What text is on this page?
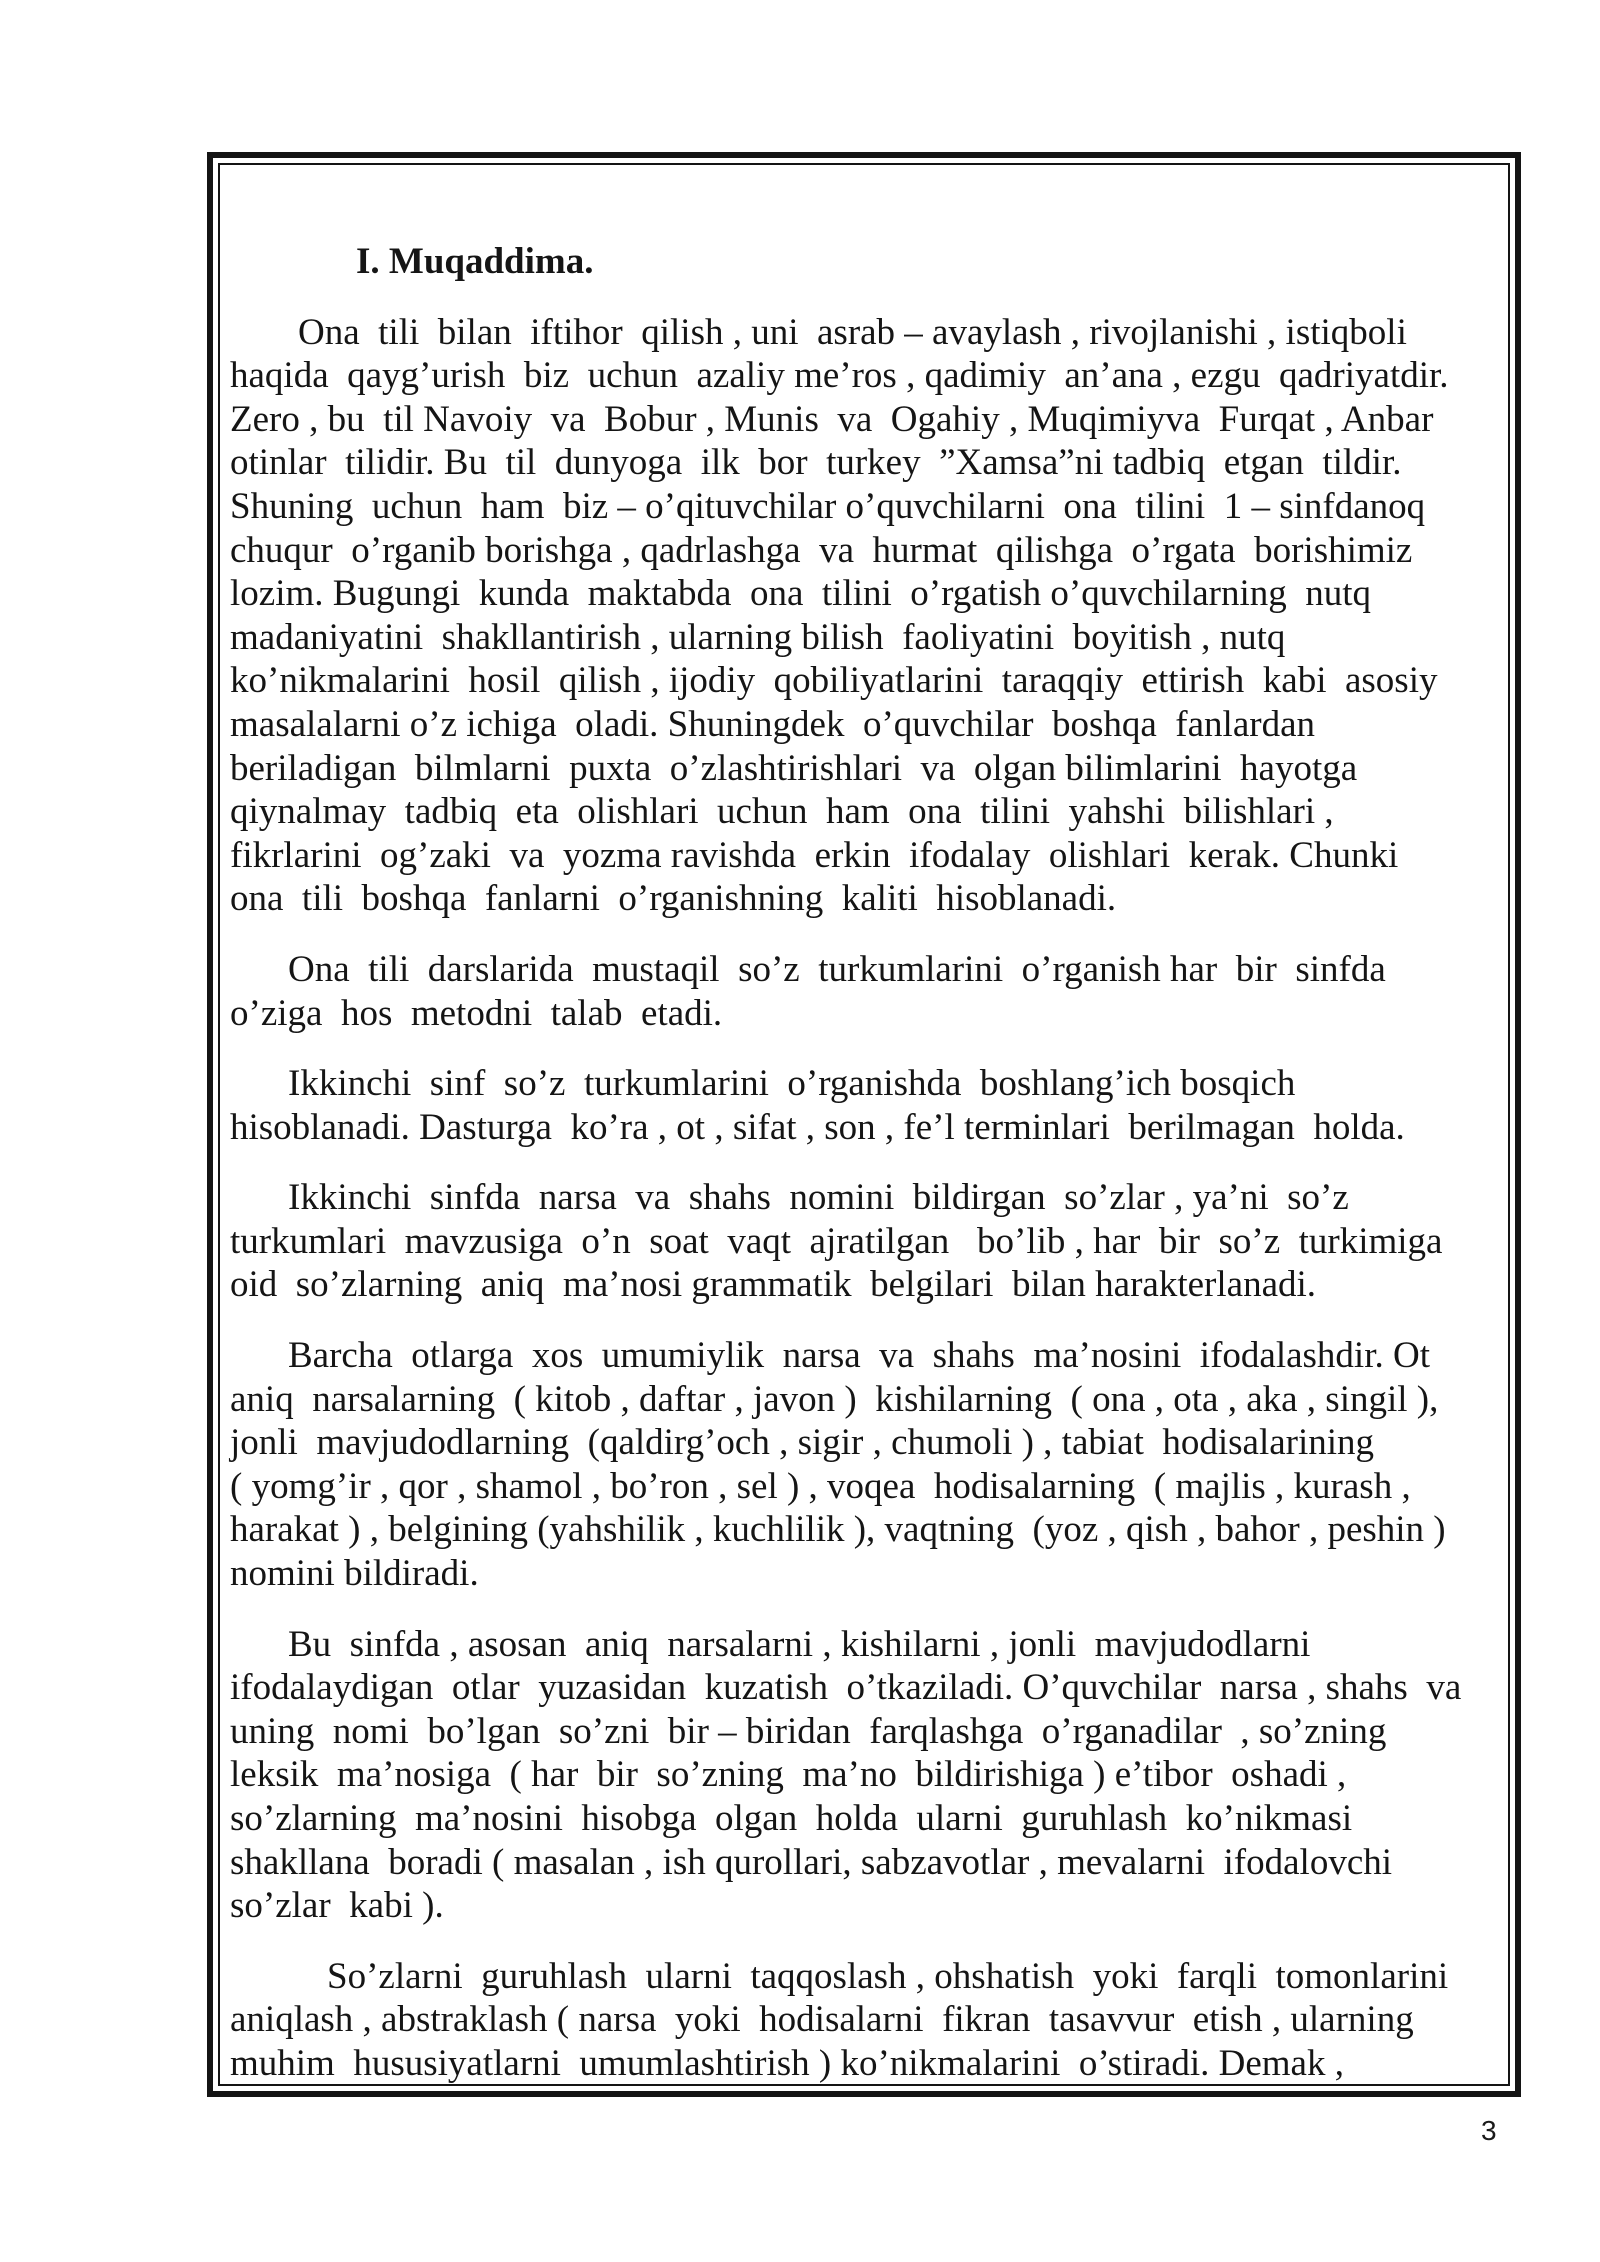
I. Muqaddima.
Ona  tili  bilan  iftihor  qilish , uni  asrab – avaylash , rivojlanishi , istiqboli
haqida  qayg’urish  biz  uchun  azaliy me’ros , qadimiy  an’ana , ezgu  qadriyatdir.
Zero , bu  til Navoiy  va  Bobur , Munis  va  Ogahiy , Muqimiyva  Furqat , Anbar
otinlar  tilidir. Bu  til  dunyoga  ilk  bor  turkey  ”Xamsa”ni tadbiq  etgan  tildir.
Shuning  uchun  ham  biz – o’qituvchilar o’quvchilarni  ona  tilini  1 – sinfdanoq
chuqur  o’rganib borishga , qadrlashga  va  hurmat  qilishga  o’rgata  borishimiz
lozim. Bugungi  kunda  maktabda  ona  tilini  o’rgatish o’quvchilarning  nutq
madaniyatini  shakllantirish , ularning bilish  faoliyatini  boyitish , nutq
ko’nikmalarini  hosil  qilish , ijodiy  qobiliyatlarini  taraqqiy  ettirish  kabi  asosiy
masalalarni o’z ichiga  oladi. Shuningdek  o’quvchilar  boshqa  fanlardan
beriladigan  bilmlarni  puxta  o’zlashtirishlari  va  olgan bilimlarini  hayotga
qiynalmay  tadbiq  eta  olishlari  uchun  ham  ona  tilini  yahshi  bilishlari ,
fikrlarini  og’zaki  va  yozma ravishda  erkin  ifodalay  olishlari  kerak. Chunki
ona  tili  boshqa  fanlarni  o’rganishning  kaliti  hisoblanadi.
Ona  tili  darslarida  mustaqil  so’z  turkumlarini  o’rganish har  bir  sinfda
o’ziga  hos  metodni  talab  etadi.
Ikkinchi  sinf  so’z  turkumlarini  o’rganishda  boshlang’ich bosqich
hisoblanadi. Dasturga  ko’ra , ot , sifat , son , fe’l terminlari  berilmagan  holda.
Ikkinchi  sinfda  narsa  va  shahs  nomini  bildirgan  so’zlar , ya’ni  so’z
turkumlari  mavzusiga  o’n  soat  vaqt  ajratilgan   bo’lib , har  bir  so’z  turkimiga
oid  so’zlarning  aniq  ma’nosi grammatik  belgilari  bilan harakterlanadi.
Barcha  otlarga  xos  umumiylik  narsa  va  shahs  ma’nosini  ifodalashdir. Ot
aniq  narsalarning  ( kitob , daftar , javon )  kishilarning  ( ona , ota , aka , singil ),
jonli  mavjudodlarning  (qaldirg’och , sigir , chumoli ) , tabiat  hodisalarining
( yomg’ir , qor , shamol , bo’ron , sel ) , voqea  hodisalarning  ( majlis , kurash ,
harakat ) , belgining (yahshilik , kuchlilik ), vaqtning  (yoz , qish , bahor , peshin )
nomini bildiradi.
Bu  sinfda , asosan  aniq  narsalarni , kishilarni , jonli  mavjudodlarni
ifodalaydigan  otlar  yuzasidan  kuzatish  o’tkaziladi. O’quvchilar  narsa , shahs  va
uning  nomi  bo’lgan  so’zni  bir – biridan  farqlashga  o’rganadilar  , so’zning
leksik  ma’nosiga  ( har  bir  so’zning  ma’no  bildirishiga ) e’tibor  oshadi ,
so’zlarning  ma’nosini  hisobga  olgan  holda  ularni  guruhlash  ko’nikmasi
shakllana  boradi ( masalan , ish qurollari, sabzavotlar , mevalarni  ifodalovchi
so’zlar  kabi ).
So’zlarni  guruhlash  ularni  taqqoslash , ohshatish  yoki  farqli  tomonlarini
aniqlash , abstraklash ( narsa  yoki  hodisalarni  fikran  tasavvur  etish , ularning
muhim  hususiyatlarni  umumlashtirish ) ko’nikmalarini  o’stiradi. Demak ,
3
